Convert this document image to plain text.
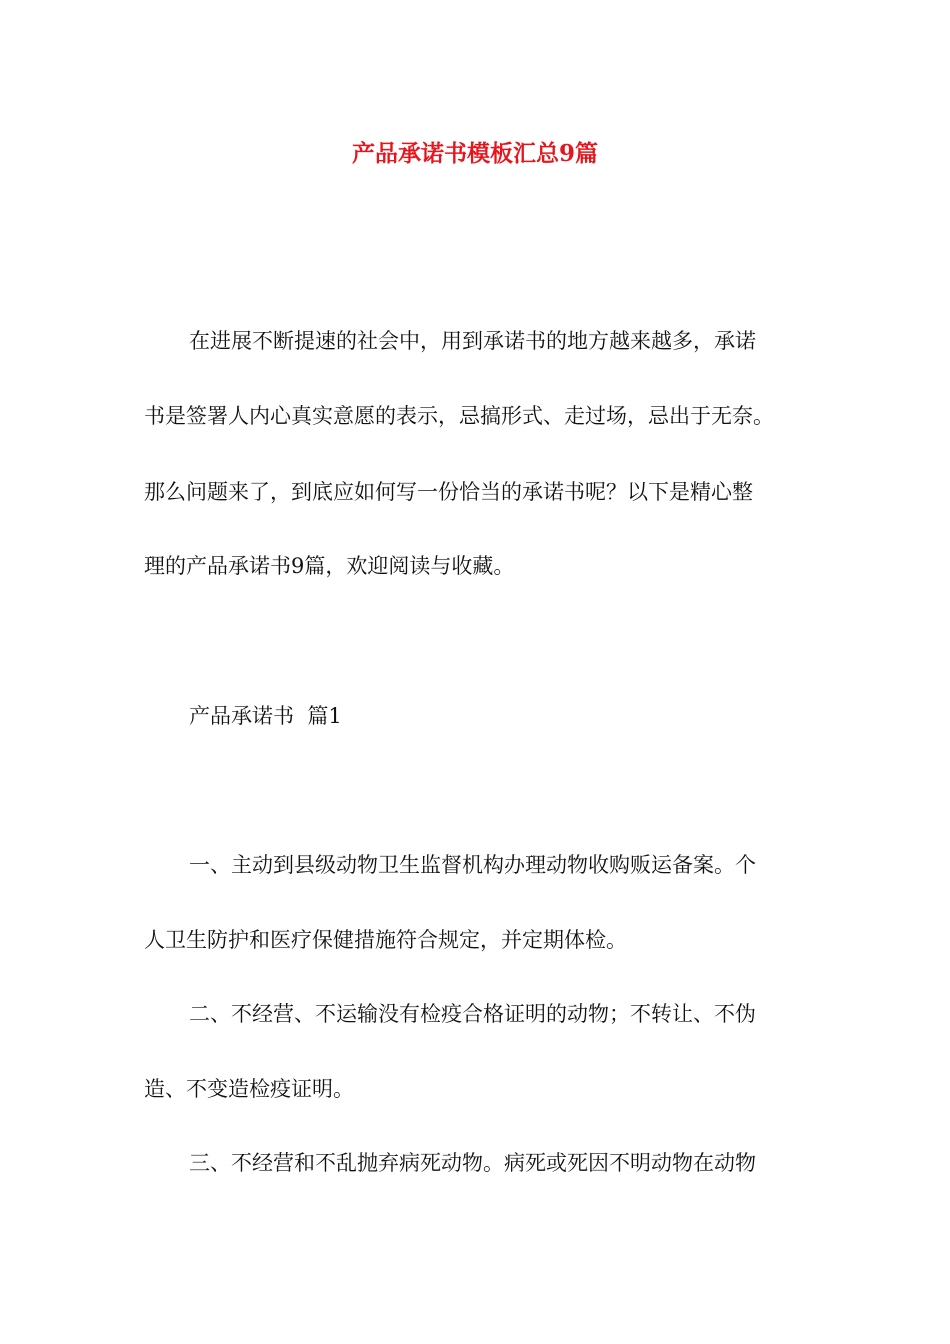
产品承诺书模板汇总9篇

在进展不断提速的社会中，用到承诺书的地方越来越多，承诺

书是签署人内心真实意愿的表示，忌搞形式、走过场，忌出于无奈。

那么问题来了，到底应如何写一份恰当的承诺书呢？以下是精心整

理的产品承诺书9篇，欢迎阅读与收藏。

产品承诺书  篇1

一、主动到县级动物卫生监督机构办理动物收购贩运备案。个

人卫生防护和医疗保健措施符合规定，并定期体检。

二、不经营、不运输没有检疫合格证明的动物；不转让、不伪

造、不变造检疫证明。

三、不经营和不乱抛弃病死动物。病死或死因不明动物在动物
